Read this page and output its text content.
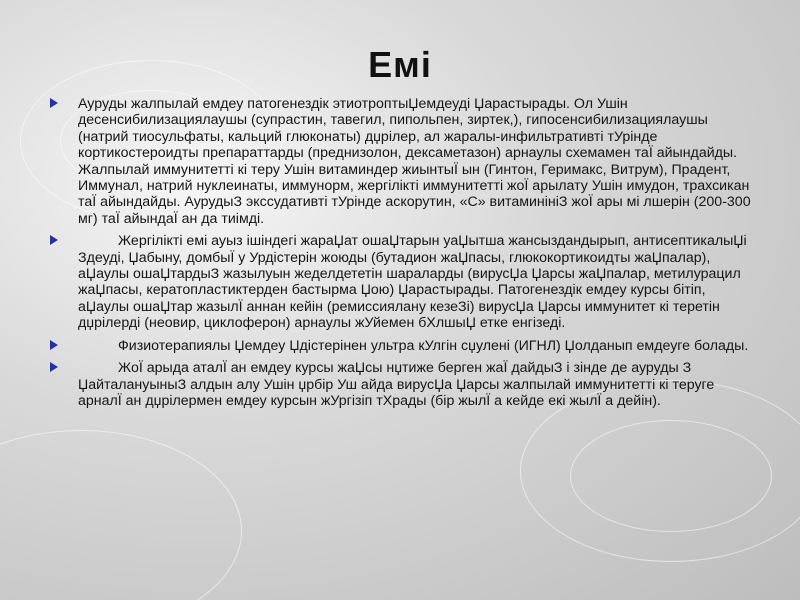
Емі
Ауруды жалпылай емдеу патогенездік этиотроптыЏемдеуді Џарастырады. Ол Ушін десенсибилизациялаушы (супрастин, тавегил, пипольпен, зиртек,), гипосенсибилизациялаушы (натрий тиосульфаты, кальций глюконаты) дџрілер, ал жаралы-инфильтративті тУрінде кортикостероидты препараттарды (преднизолон, дексаметазон) арнаулы схемамен таЇ айындайды. Жалпылай иммунитетті кі теру Ушін витаминдер жиынтыЇ ын (Гинтон, Геримакс, Витрум), Прадент, Иммунал, натрий нуклеинаты, иммунорм, жергілікті иммунитетті жоЇ арылату Ушін имудон, трахсикан таЇ айындайды. АурудыЗ экссудативті тУрінде аскорутин, «С» витаминініЗ жоЇ ары мі лшерін (200-300 мг) таЇ айындаЇ ан да тиімді.
Жергілікті емі ауыз ішіндегі жараЏат ошаЏтарын уаЏытша жансыздандырып, антисептикалыЏі Здеуді, Џабыну, домбыЇ у Урдістерін жоюды (бутадион жаЏпасы, глюкокортикоидты жаЏпалар), аЏаулы ошаЏтардыЗ жазылуын жеделдететін шараларды (вирусЏа Џарсы жаЏпалар, метилурацил жаЏпасы, кератопластиктерден бастырма Џою) Џарастырады. Патогенездік емдеу курсы бітіп, аЏаулы ошаЏтар жазылЇ аннан кейін (ремиссиялану кезеЗі) вирусЏа Џарсы иммунитет кі теретін дџрілерді (неовир, циклоферон) арнаулы жУйемен бХлшыЏ етке енгізеді.
Физиотерапиялы Џемдеу Џдістерінен ультра кУлгін сџулені (ИГНЛ) Џолданып емдеуге болады.
ЖоЇ арыда аталЇ ан емдеу курсы жаЏсы нџтиже берген жаЇ дайдыЗ і зінде де ауруды З ЏайталануыныЗ алдын алу Ушін џрбір Уш айда вирусЏа Џарсы жалпылай иммунитетті кі теруге арналЇ ан дџрілермен емдеу курсын жУргізіп тХрады (бір жылЇ а кейде екі жылЇ а дейін).
